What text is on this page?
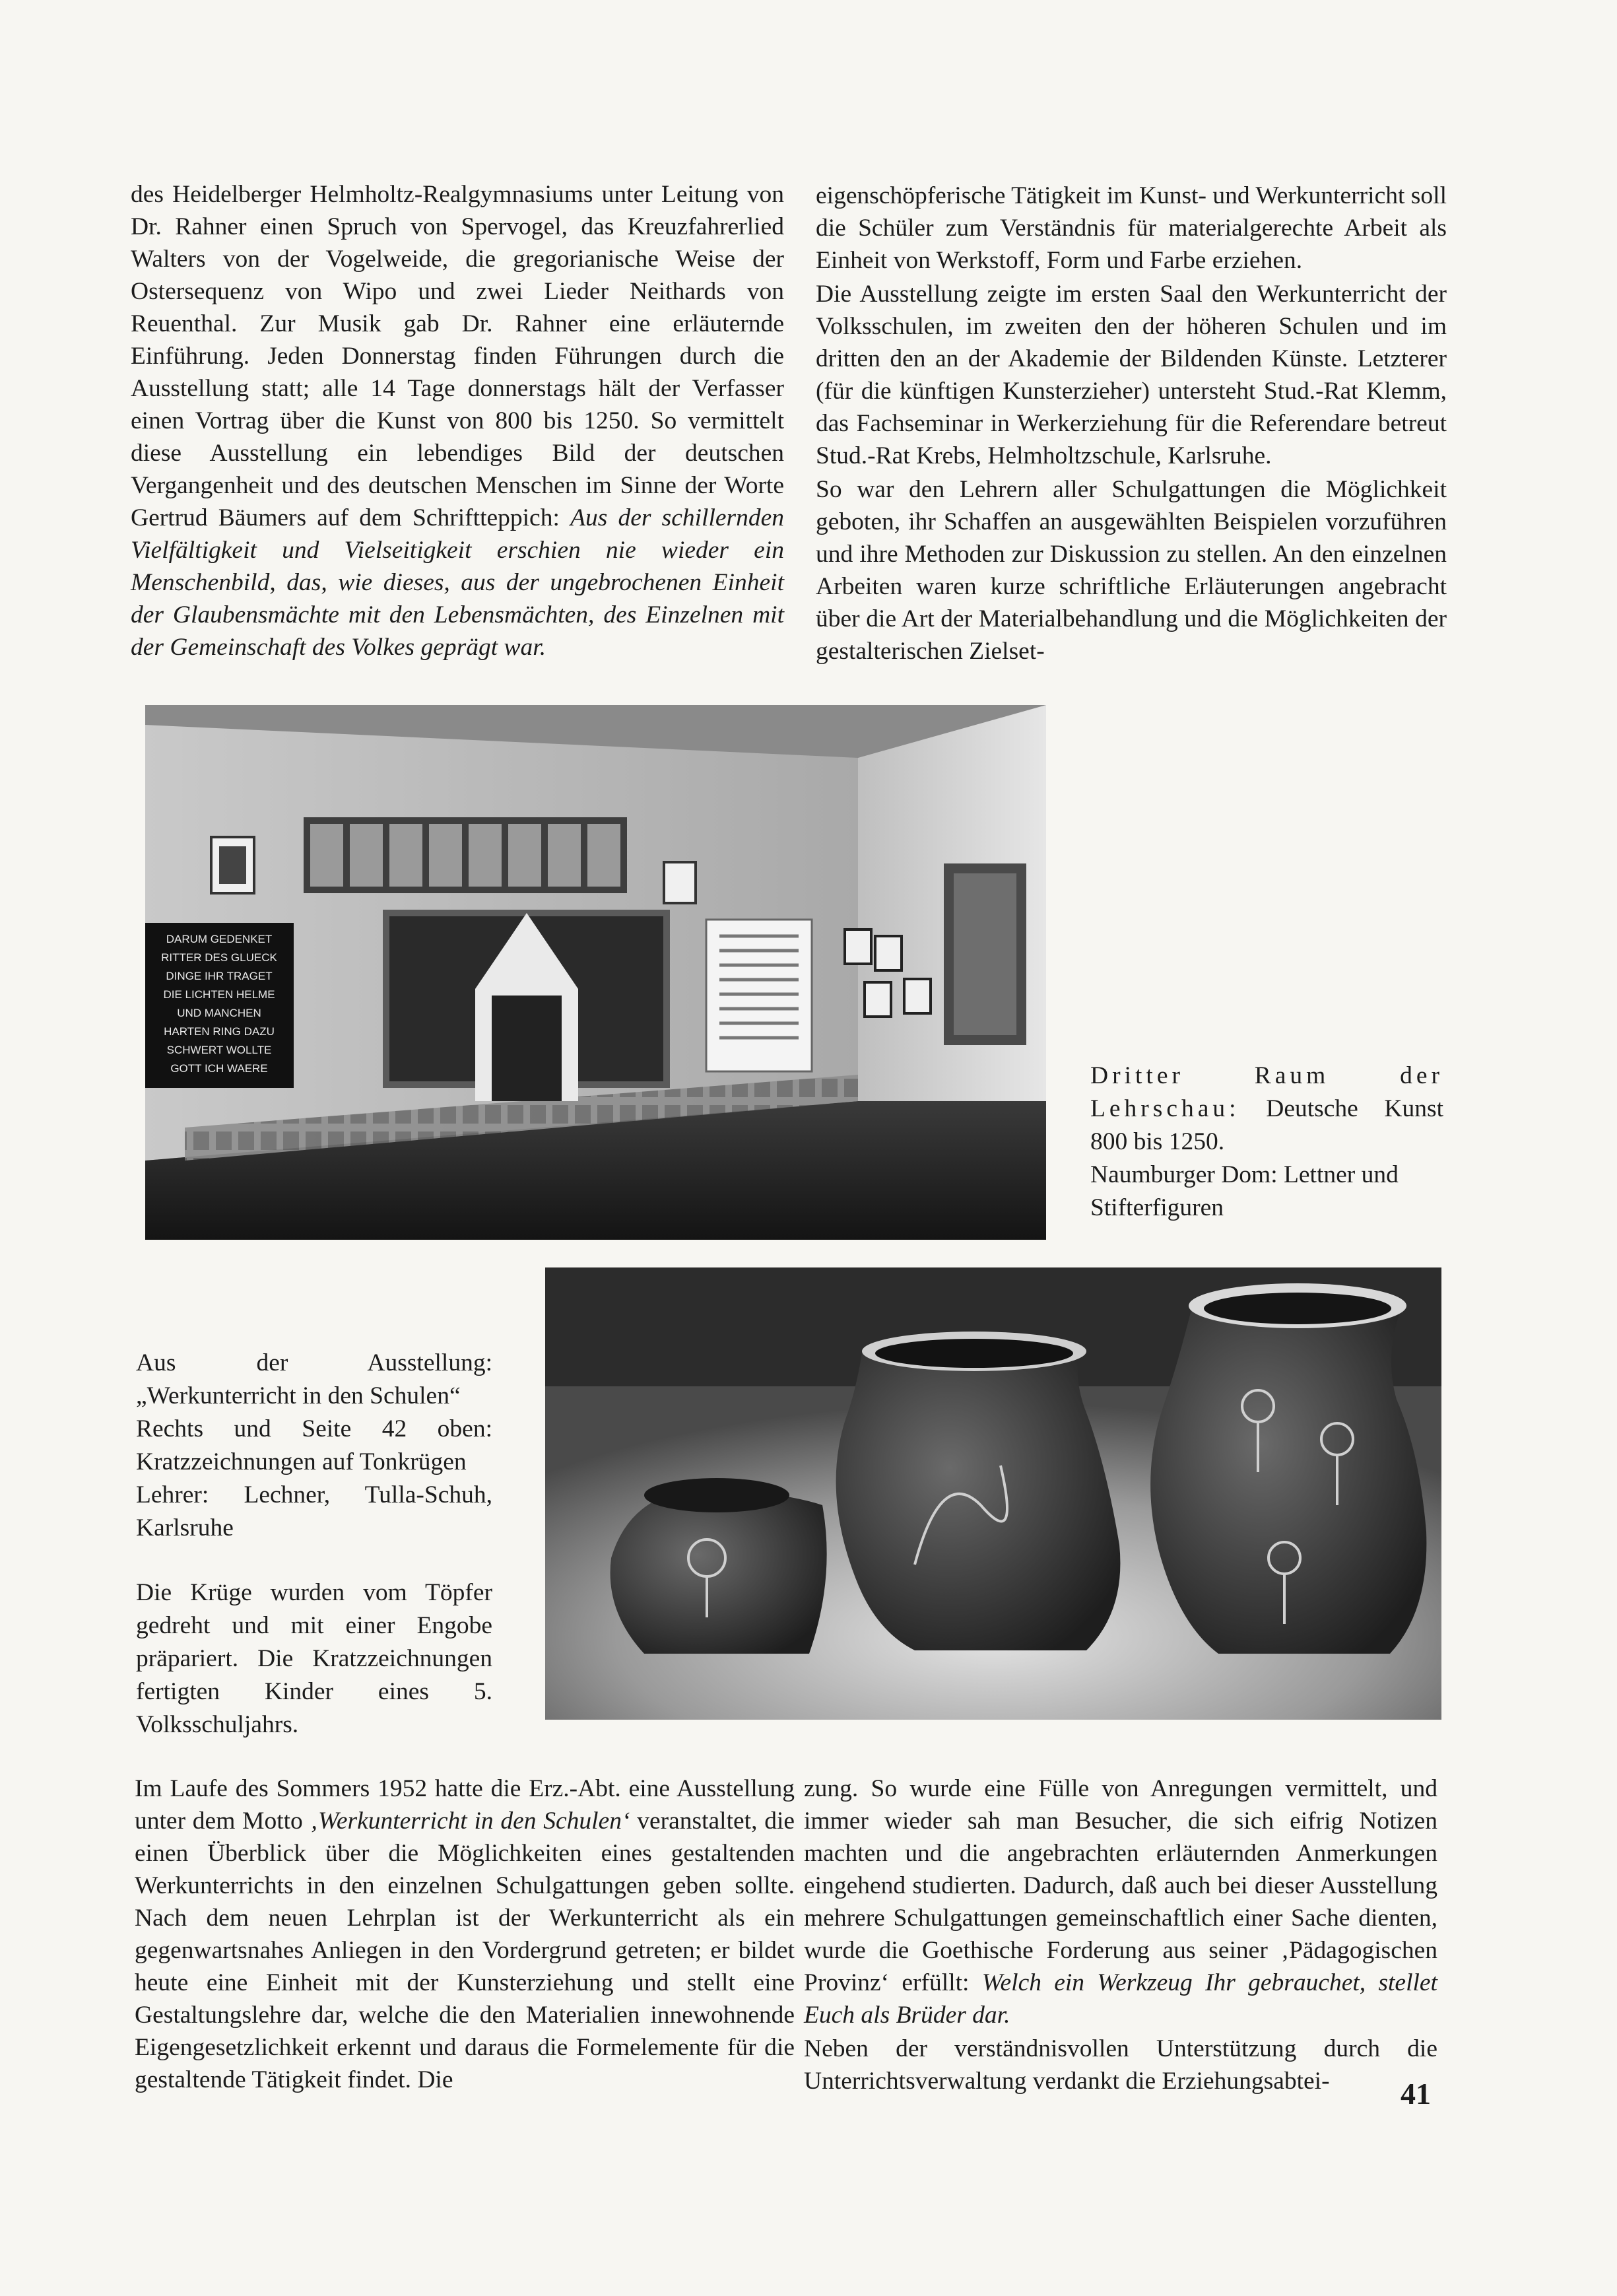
des Heidelberger Helmholtz-Realgymnasiums unter Leitung von Dr. Rahner einen Spruch von Spervogel, das Kreuzfahrerlied Walters von der Vogelweide, die gregorianische Weise der Ostersequenz von Wipo und zwei Lieder Neithards von Reuenthal. Zur Musik gab Dr. Rahner eine erläuternde Einführung. Jeden Donnerstag finden Führungen durch die Ausstellung statt; alle 14 Tage donnerstags hält der Verfasser einen Vortrag über die Kunst von 800 bis 1250. So vermittelt diese Ausstellung ein lebendiges Bild der deutschen Vergangenheit und des deutschen Menschen im Sinne der Worte Gertrud Bäumers auf dem Schriftteppich: Aus der schillernden Vielfältigkeit und Vielseitigkeit erschien nie wieder ein Menschenbild, das, wie dieses, aus der ungebrochenen Einheit der Glaubensmächte mit den Lebensmächten, des Einzelnen mit der Gemeinschaft des Volkes geprägt war.

eigenschöpferische Tätigkeit im Kunst- und Werkunterricht soll die Schüler zum Verständnis für materialgerechte Arbeit als Einheit von Werkstoff, Form und Farbe erziehen.

Die Ausstellung zeigte im ersten Saal den Werkunterricht der Volksschulen, im zweiten den der höheren Schulen und im dritten den an der Akademie der Bildenden Künste. Letzterer (für die künftigen Kunsterzieher) untersteht Stud.-Rat Klemm, das Fachseminar in Werkerziehung für die Referendare betreut Stud.-Rat Krebs, Helmholtzschule, Karlsruhe.

So war den Lehrern aller Schulgattungen die Möglichkeit geboten, ihr Schaffen an ausgewählten Beispielen vorzuführen und ihre Methoden zur Diskussion zu stellen. An den einzelnen Arbeiten waren kurze schriftliche Erläuterungen angebracht über die Art der Materialbehandlung und die Möglichkeiten der gestalterischen Zielset-

DARUM GEDENKET
RITTER DES GLUECK
DINGE IHR TRAGET
DIE LICHTEN HELME
UND MANCHEN
HARTEN RING DAZU
SCHWERT WOLLTE
GOTT ICH WAERE	Dritter Raum der Lehrschau: Deutsche Kunst 800 bis 1250.

Naumburger Dom: Lettner und Stifterfiguren

Aus der Ausstellung: „Werkunterricht in den Schulen“

Rechts und Seite 42 oben: Kratzzeichnungen auf Tonkrügen

Lehrer: Lechner, Tulla-Schuh, Karlsruhe

Die Krüge wurden vom Töpfer gedreht und mit einer Engobe präpariert. Die Kratzzeichnungen fertigten Kinder eines 5. Volksschuljahrs.

Im Laufe des Sommers 1952 hatte die Erz.-Abt. eine Ausstellung unter dem Motto ‚Werkunterricht in den Schulen‘ veranstaltet, die einen Überblick über die Möglichkeiten eines gestaltenden Werkunterrichts in den einzelnen Schulgattungen geben sollte. Nach dem neuen Lehrplan ist der Werkunterricht als ein gegenwartsnahes Anliegen in den Vordergrund getreten; er bildet heute eine Einheit mit der Kunsterziehung und stellt eine Gestaltungslehre dar, welche die den Materialien innewohnende Eigengesetzlichkeit erkennt und daraus die Formelemente für die gestaltende Tätigkeit findet. Die

zung. So wurde eine Fülle von Anregungen vermittelt, und immer wieder sah man Besucher, die sich eifrig Notizen machten und die angebrachten erläuternden Anmerkungen eingehend studierten. Dadurch, daß auch bei dieser Ausstellung mehrere Schulgattungen gemeinschaftlich einer Sache dienten, wurde die Goethische Forderung aus seiner ‚Pädagogischen Provinz‘ erfüllt: Welch ein Werkzeug Ihr gebrauchet, stellet Euch als Brüder dar.

Neben der verständnisvollen Unterstützung durch die Unterrichtsverwaltung verdankt die Erziehungsabtei-	41
